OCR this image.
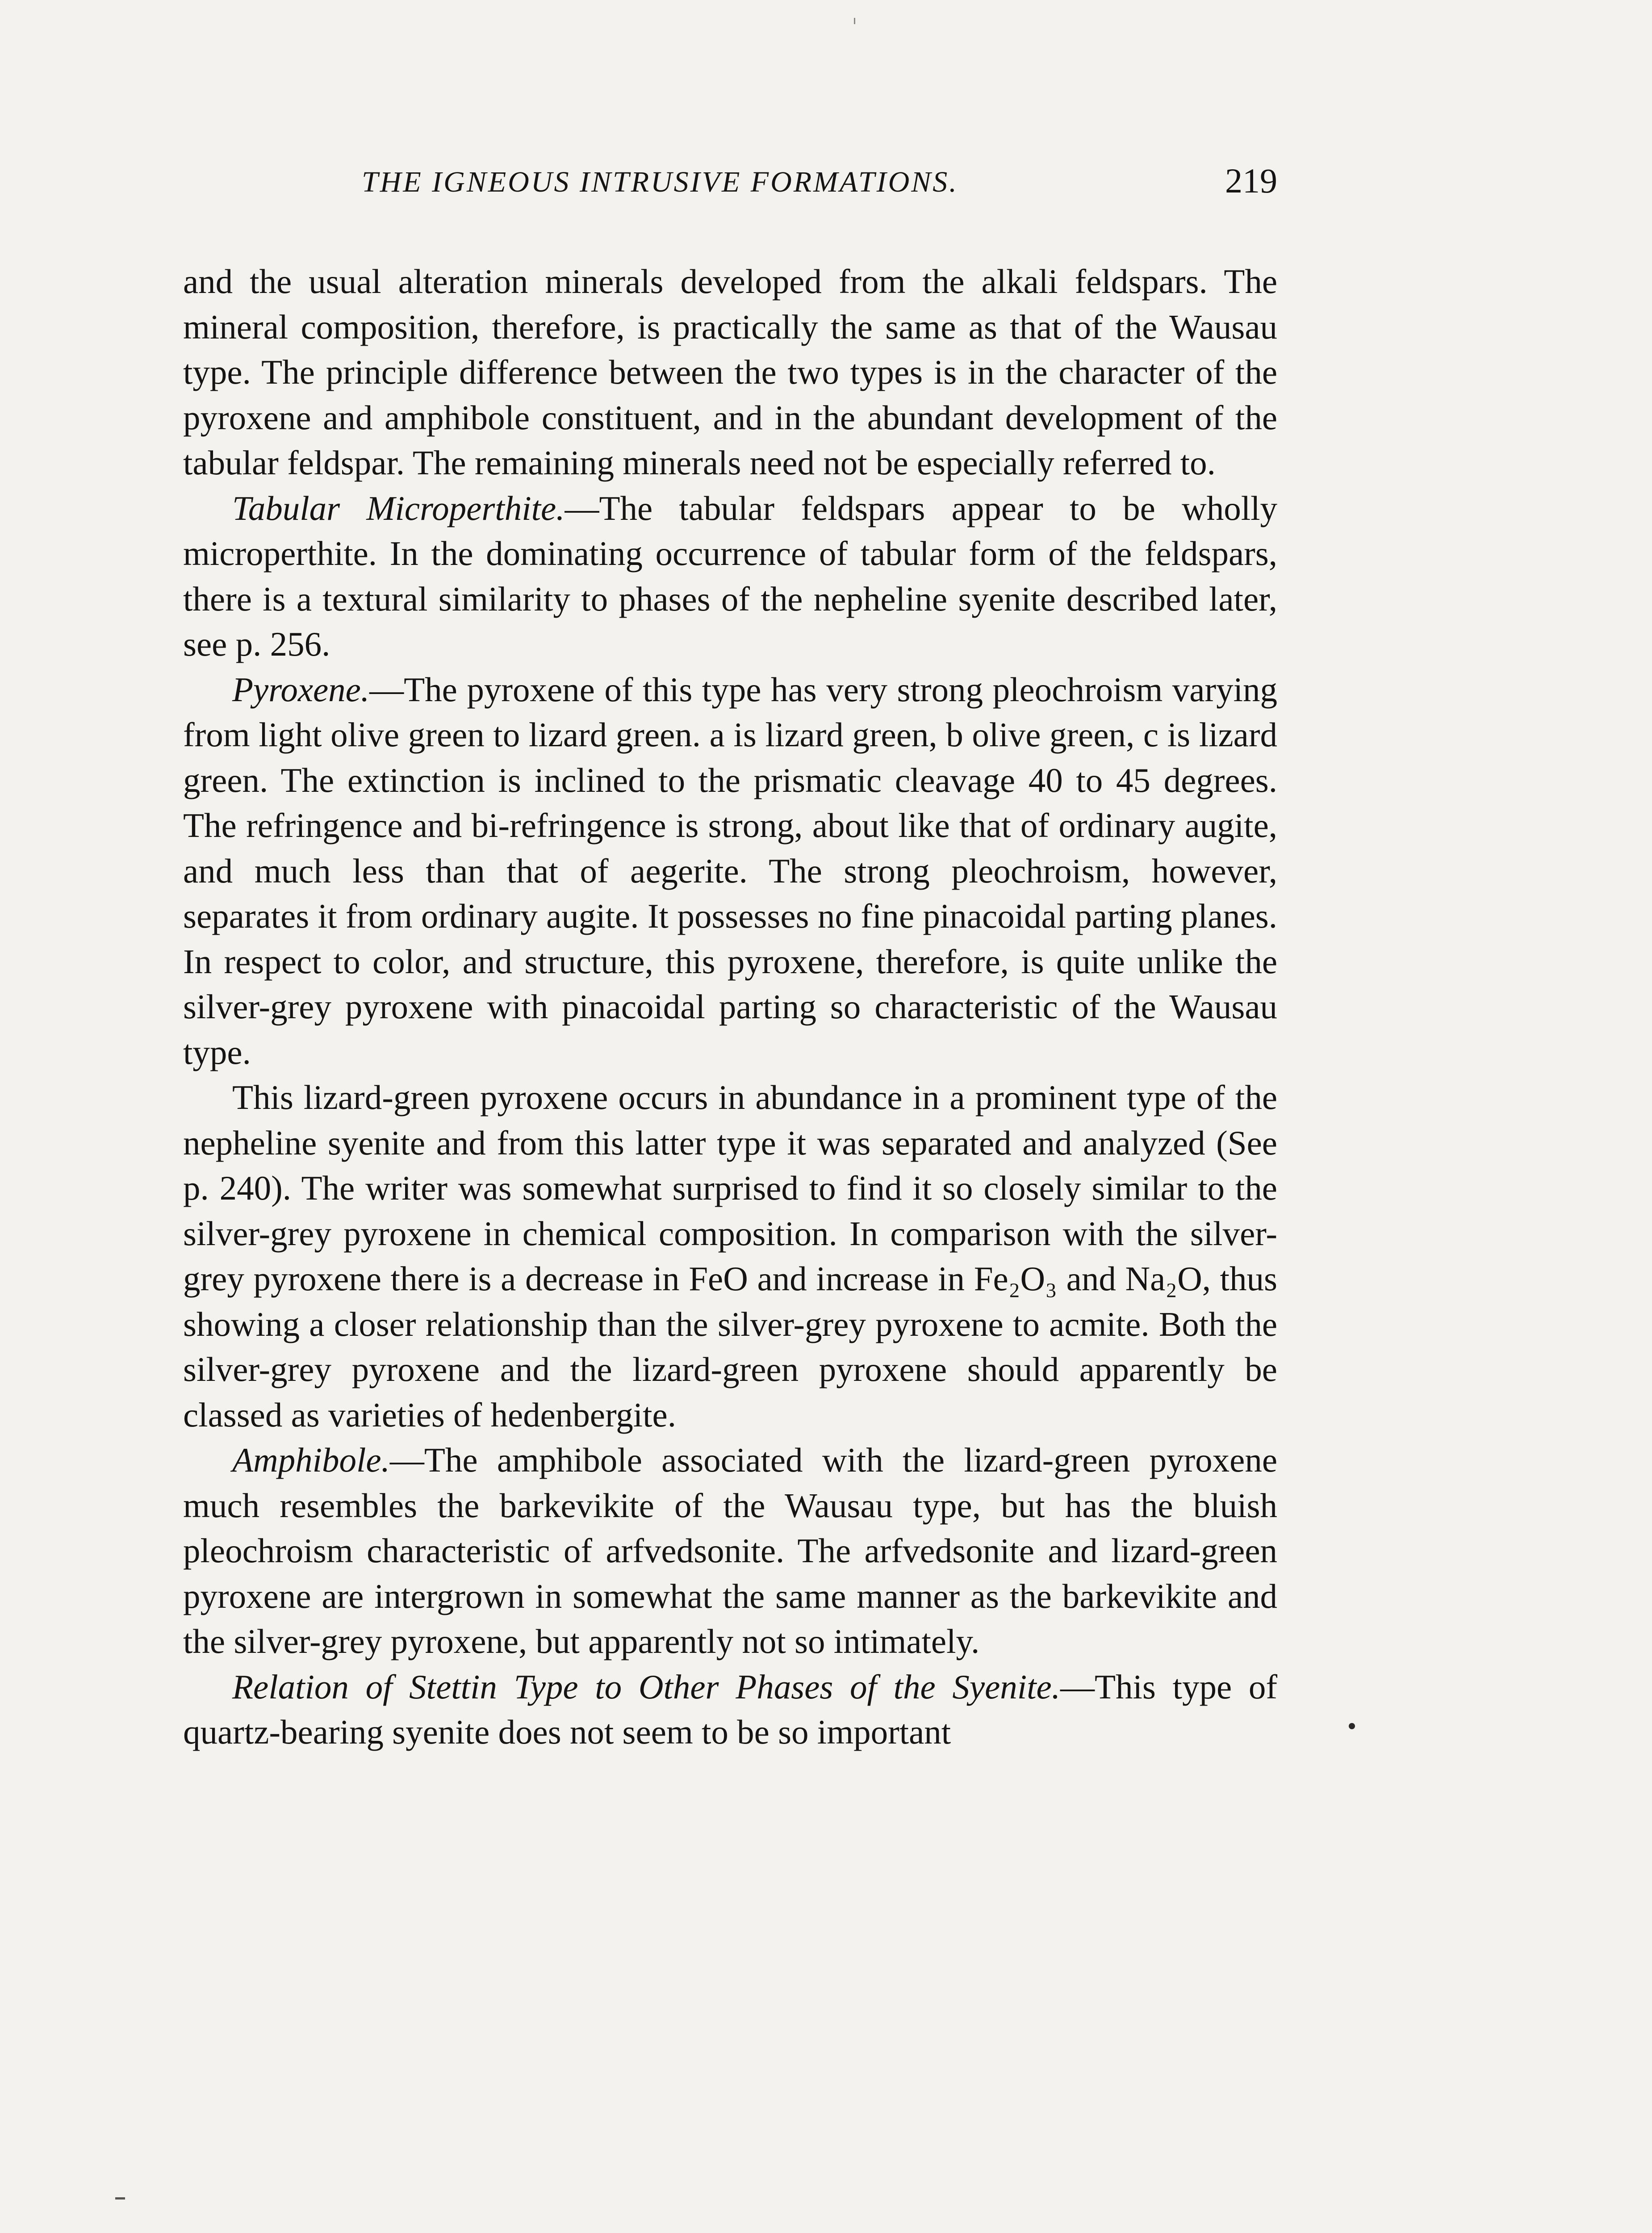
THE IGNEOUS INTRUSIVE FORMATIONS.	219

and the usual alteration minerals developed from the alkali feldspars. The mineral composition, therefore, is practically the same as that of the Wausau type. The principle difference between the two types is in the character of the pyroxene and amphibole constituent, and in the abundant development of the tabular feldspar. The remaining minerals need not be especially referred to.

Tabular Microperthite.—The tabular feldspars appear to be wholly microperthite. In the dominating occurrence of tabular form of the feldspars, there is a textural similarity to phases of the nepheline syenite described later, see p. 256.

Pyroxene.—The pyroxene of this type has very strong pleochroism varying from light olive green to lizard green. a is lizard green, b olive green, c is lizard green. The extinction is inclined to the prismatic cleavage 40 to 45 degrees. The refringence and bi-refringence is strong, about like that of ordinary augite, and much less than that of aegerite. The strong pleochroism, however, separates it from ordinary augite. It possesses no fine pinacoidal parting planes. In respect to color, and structure, this pyroxene, therefore, is quite unlike the silver-grey pyroxene with pinacoidal parting so characteristic of the Wausau type.

This lizard-green pyroxene occurs in abundance in a prominent type of the nepheline syenite and from this latter type it was separated and analyzed (See p. 240). The writer was somewhat surprised to find it so closely similar to the silver-grey pyroxene in chemical composition. In comparison with the silver-grey pyroxene there is a decrease in FeO and increase in Fe₂O₃ and Na₂O, thus showing a closer relationship than the silver-grey pyroxene to acmite. Both the silver-grey pyroxene and the lizard-green pyroxene should apparently be classed as varieties of hedenbergite.

Amphibole.—The amphibole associated with the lizard-green pyroxene much resembles the barkevikite of the Wausau type, but has the bluish pleochroism characteristic of arfvedsonite. The arfvedsonite and lizard-green pyroxene are intergrown in somewhat the same manner as the barkevikite and the silver-grey pyroxene, but apparently not so intimately.

Relation of Stettin Type to Other Phases of the Syenite.—This type of quartz-bearing syenite does not seem to be so important
